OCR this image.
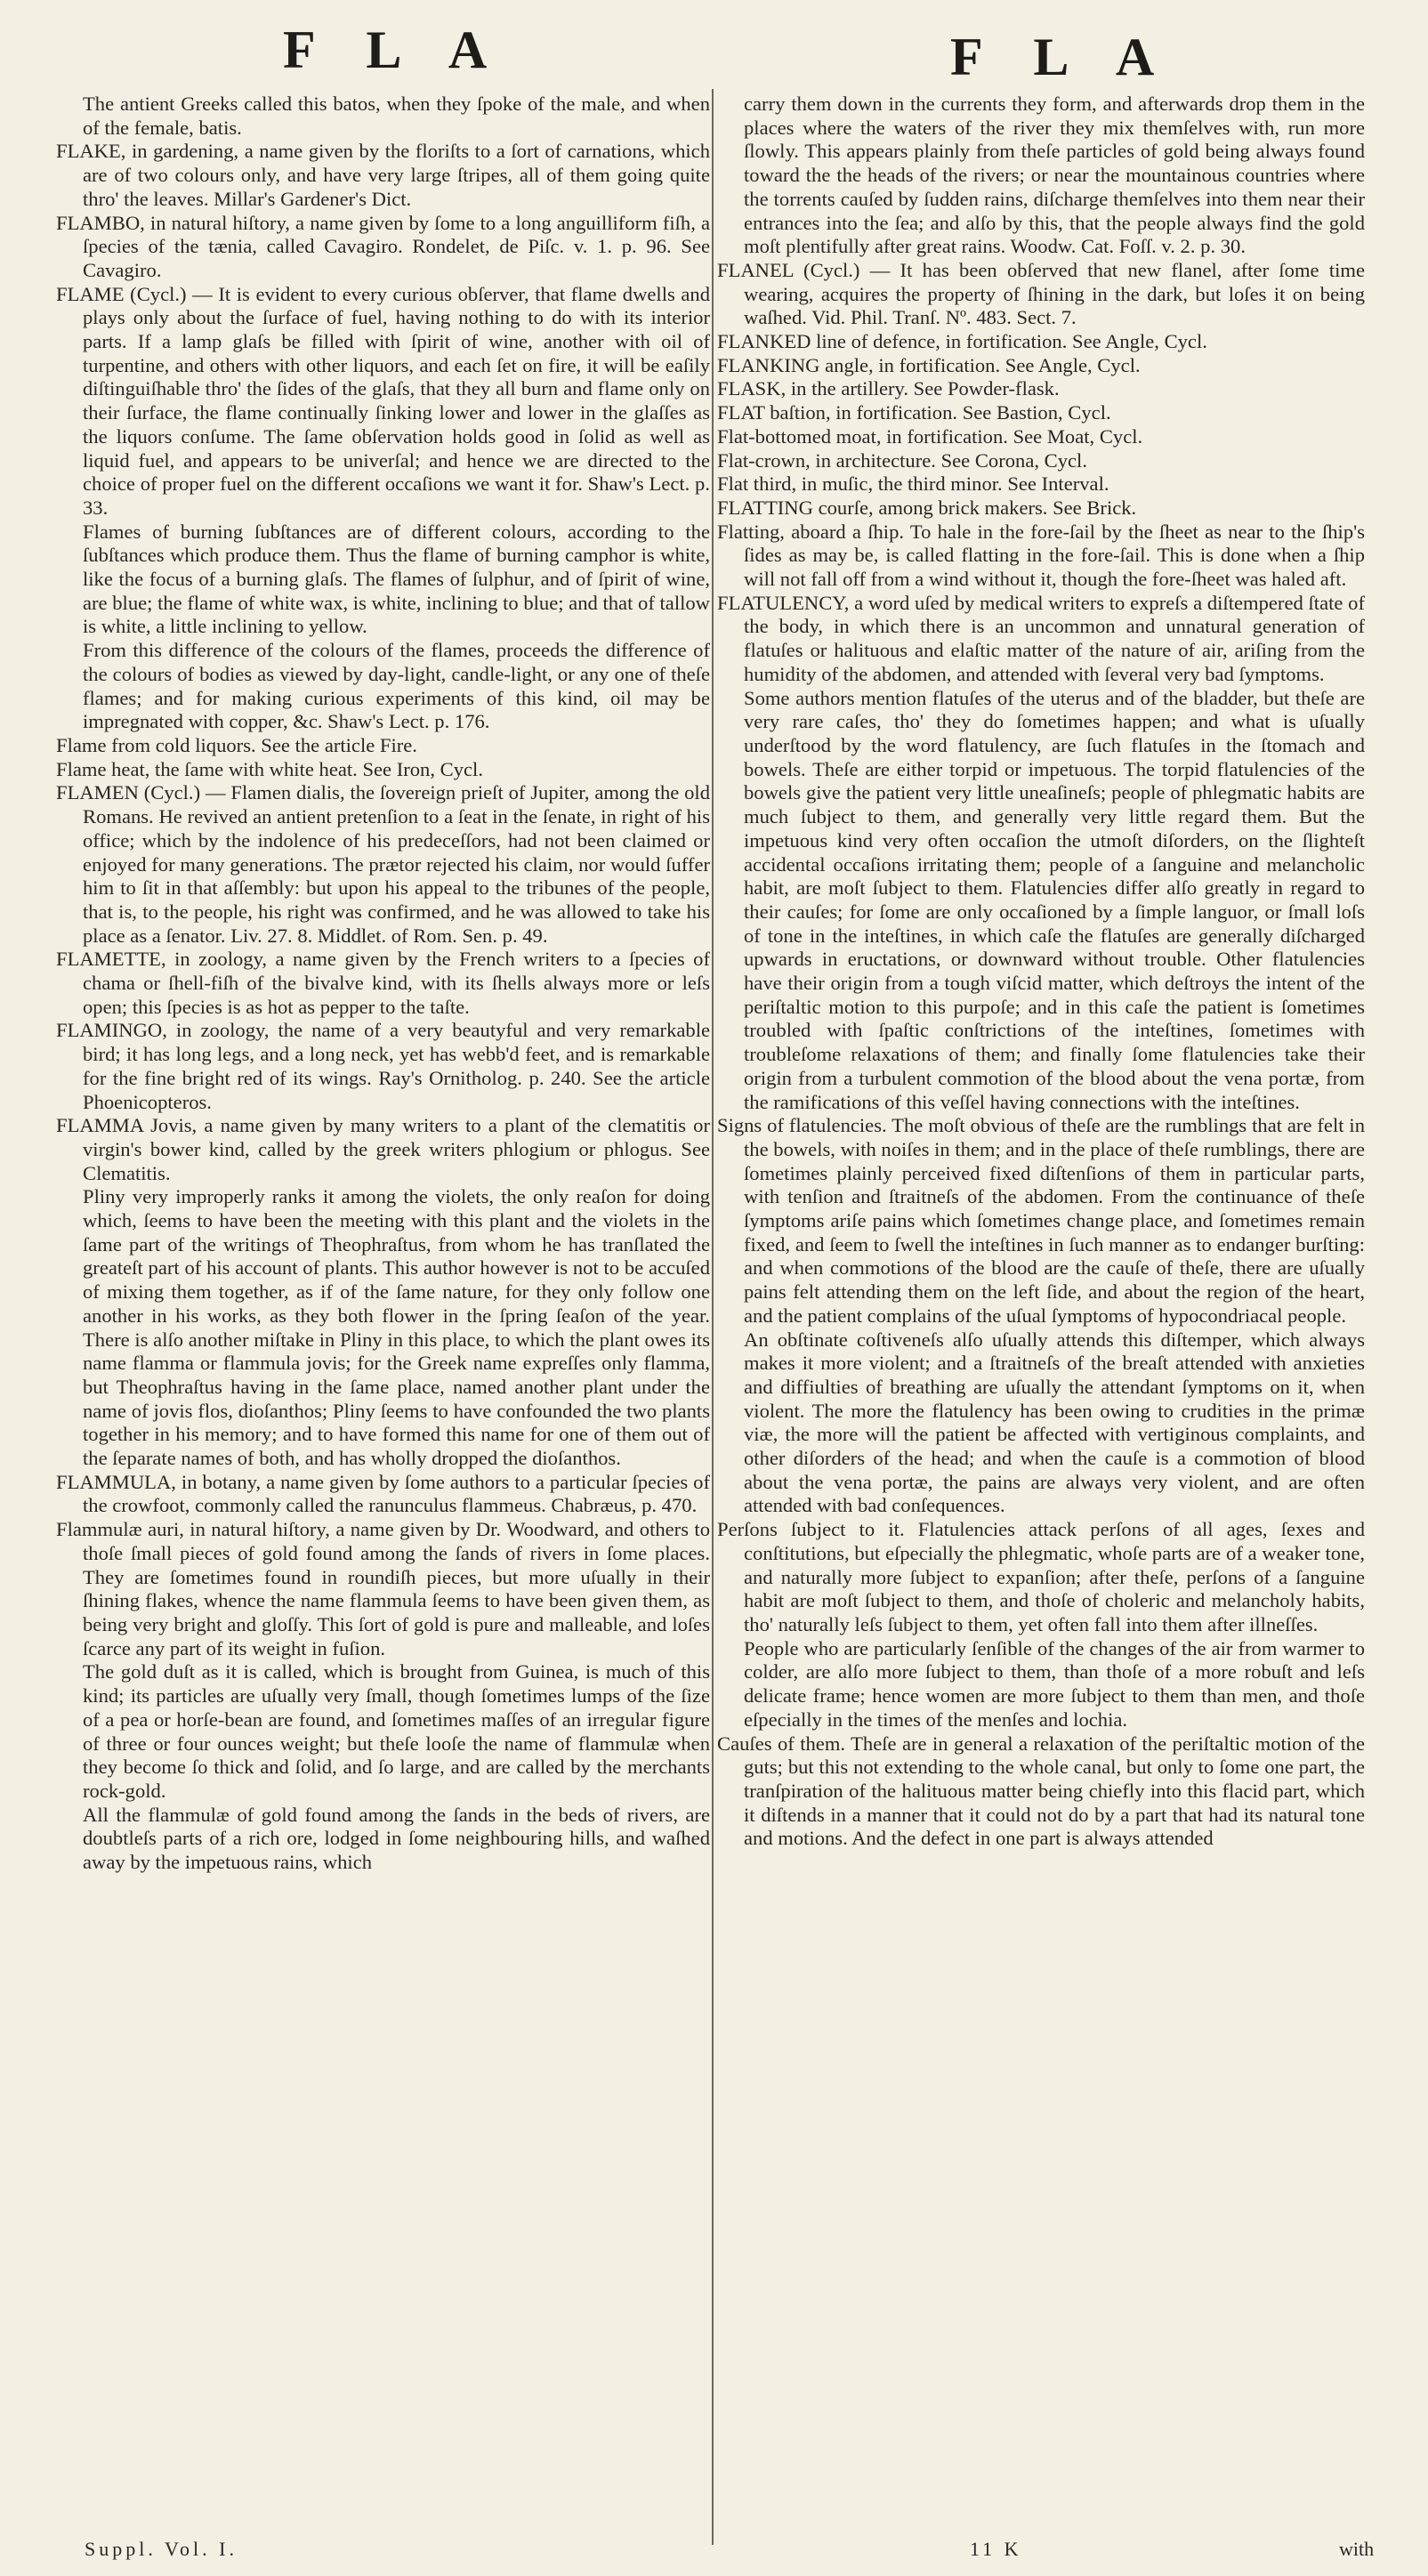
F L A	F L A

The antient Greeks called this batos, when they ſpoke of the male, and when of the female, batis.

FLAKE, in gardening, a name given by the floriſts to a ſort of carnations, which are of two colours only, and have very large ſtripes, all of them going quite thro' the leaves. Millar's Gardener's Dict.

FLAMBO, in natural hiſtory, a name given by ſome to a long anguilliform fiſh, a ſpecies of the tænia, called Cavagiro. Rondelet, de Piſc. v. 1. p. 96. See Cavagiro.

FLAME (Cycl.) — It is evident to every curious obſerver, that flame dwells and plays only about the ſurface of fuel, having nothing to do with its interior parts. If a lamp glaſs be filled with ſpirit of wine, another with oil of turpentine, and others with other liquors, and each ſet on fire, it will be eaſily diſtinguiſhable thro' the ſides of the glaſs, that they all burn and flame only on their ſurface, the flame continually ſinking lower and lower in the glaſſes as the liquors conſume. The ſame obſervation holds good in ſolid as well as liquid fuel, and appears to be univerſal; and hence we are directed to the choice of proper fuel on the different occaſions we want it for. Shaw's Lect. p. 33.

Flames of burning ſubſtances are of different colours, according to the ſubſtances which produce them. Thus the flame of burning camphor is white, like the focus of a burning glaſs. The flames of ſulphur, and of ſpirit of wine, are blue; the flame of white wax, is white, inclining to blue; and that of tallow is white, a little inclining to yellow.

From this difference of the colours of the flames, proceeds the difference of the colours of bodies as viewed by day-light, candle-light, or any one of theſe flames; and for making curious experiments of this kind, oil may be impregnated with copper, &c. Shaw's Lect. p. 176.

Flame from cold liquors. See the article Fire.

Flame heat, the ſame with white heat. See Iron, Cycl.

FLAMEN (Cycl.) — Flamen dialis, the ſovereign prieſt of Jupiter, among the old Romans. He revived an antient pretenſion to a ſeat in the ſenate, in right of his office; which by the indolence of his predeceſſors, had not been claimed or enjoyed for many generations. The prætor rejected his claim, nor would ſuffer him to ſit in that aſſembly: but upon his appeal to the tribunes of the people, that is, to the people, his right was confirmed, and he was allowed to take his place as a ſenator. Liv. 27. 8. Middlet. of Rom. Sen. p. 49.

FLAMETTE, in zoology, a name given by the French writers to a ſpecies of chama or ſhell-fiſh of the bivalve kind, with its ſhells always more or leſs open; this ſpecies is as hot as pepper to the taſte.

FLAMINGO, in zoology, the name of a very beautyful and very remarkable bird; it has long legs, and a long neck, yet has webb'd feet, and is remarkable for the fine bright red of its wings. Ray's Ornitholog. p. 240. See the article Phoenicopteros.

FLAMMA Jovis, a name given by many writers to a plant of the clematitis or virgin's bower kind, called by the greek writers phlogium or phlogus. See Clematitis.

Pliny very improperly ranks it among the violets, the only reaſon for doing which, ſeems to have been the meeting with this plant and the violets in the ſame part of the writings of Theophraſtus, from whom he has tranſlated the greateſt part of his account of plants. This author however is not to be accuſed of mixing them together, as if of the ſame nature, for they only follow one another in his works, as they both flower in the ſpring ſeaſon of the year. There is alſo another miſtake in Pliny in this place, to which the plant owes its name flamma or flammula jovis; for the Greek name expreſſes only flamma, but Theophraſtus having in the ſame place, named another plant under the name of jovis flos, dioſanthos; Pliny ſeems to have confounded the two plants together in his memory; and to have formed this name for one of them out of the ſeparate names of both, and has wholly dropped the dioſanthos.

FLAMMULA, in botany, a name given by ſome authors to a particular ſpecies of the crowfoot, commonly called the ranunculus flammeus. Chabræus, p. 470.

Flammulæ auri, in natural hiſtory, a name given by Dr. Woodward, and others to thoſe ſmall pieces of gold found among the ſands of rivers in ſome places. They are ſometimes found in roundiſh pieces, but more uſually in their ſhining flakes, whence the name flammula ſeems to have been given them, as being very bright and gloſſy. This ſort of gold is pure and malleable, and loſes ſcarce any part of its weight in fuſion.

The gold duſt as it is called, which is brought from Guinea, is much of this kind; its particles are uſually very ſmall, though ſometimes lumps of the ſize of a pea or horſe-bean are found, and ſometimes maſſes of an irregular figure of three or four ounces weight; but theſe looſe the name of flammulæ when they become ſo thick and ſolid, and ſo large, and are called by the merchants rock-gold.

All the flammulæ of gold found among the ſands in the beds of rivers, are doubtleſs parts of a rich ore, lodged in ſome neighbouring hills, and waſhed away by the impetuous rains, which

carry them down in the currents they form, and afterwards drop them in the places where the waters of the river they mix themſelves with, run more ſlowly. This appears plainly from theſe particles of gold being always found toward the the heads of the rivers; or near the mountainous countries where the torrents cauſed by ſudden rains, diſcharge themſelves into them near their entrances into the ſea; and alſo by this, that the people always find the gold moſt plentifully after great rains. Woodw. Cat. Foſſ. v. 2. p. 30.

FLANEL (Cycl.) — It has been obſerved that new flanel, after ſome time wearing, acquires the property of ſhining in the dark, but loſes it on being waſhed. Vid. Phil. Tranſ. Nº. 483. Sect. 7.

FLANKED line of defence, in fortification. See Angle, Cycl.

FLANKING angle, in fortification. See Angle, Cycl.

FLASK, in the artillery. See Powder-flask.

FLAT baſtion, in fortification. See Bastion, Cycl.

Flat-bottomed moat, in fortification. See Moat, Cycl.

Flat-crown, in architecture. See Corona, Cycl.

Flat third, in muſic, the third minor. See Interval.

FLATTING courſe, among brick makers. See Brick.

Flatting, aboard a ſhip. To hale in the fore-ſail by the ſheet as near to the ſhip's ſides as may be, is called flatting in the fore-ſail. This is done when a ſhip will not fall off from a wind without it, though the fore-ſheet was haled aft.

FLATULENCY, a word uſed by medical writers to expreſs a diſtempered ſtate of the body, in which there is an uncommon and unnatural generation of flatuſes or halituous and elaſtic matter of the nature of air, ariſing from the humidity of the abdomen, and attended with ſeveral very bad ſymptoms.

Some authors mention flatuſes of the uterus and of the bladder, but theſe are very rare caſes, tho' they do ſometimes happen; and what is uſually underſtood by the word flatulency, are ſuch flatuſes in the ſtomach and bowels. Theſe are either torpid or impetuous. The torpid flatulencies of the bowels give the patient very little uneaſineſs; people of phlegmatic habits are much ſubject to them, and generally very little regard them. But the impetuous kind very often occaſion the utmoſt diſorders, on the ſlighteſt accidental occaſions irritating them; people of a ſanguine and melancholic habit, are moſt ſubject to them. Flatulencies differ alſo greatly in regard to their cauſes; for ſome are only occaſioned by a ſimple languor, or ſmall loſs of tone in the inteſtines, in which caſe the flatuſes are generally diſcharged upwards in eructations, or downward without trouble. Other flatulencies have their origin from a tough viſcid matter, which deſtroys the intent of the periſtaltic motion to this purpoſe; and in this caſe the patient is ſometimes troubled with ſpaſtic conſtrictions of the inteſtines, ſometimes with troubleſome relaxations of them; and finally ſome flatulencies take their origin from a turbulent commotion of the blood about the vena portæ, from the ramifications of this veſſel having connections with the inteſtines.

Signs of flatulencies. The moſt obvious of theſe are the rumblings that are felt in the bowels, with noiſes in them; and in the place of theſe rumblings, there are ſometimes plainly perceived fixed diſtenſions of them in particular parts, with tenſion and ſtraitneſs of the abdomen. From the continuance of theſe ſymptoms ariſe pains which ſometimes change place, and ſometimes remain fixed, and ſeem to ſwell the inteſtines in ſuch manner as to endanger burſting: and when commotions of the blood are the cauſe of theſe, there are uſually pains felt attending them on the left ſide, and about the region of the heart, and the patient complains of the uſual ſymptoms of hypocondriacal people.

An obſtinate coſtiveneſs alſo uſually attends this diſtemper, which always makes it more violent; and a ſtraitneſs of the breaſt attended with anxieties and diffiulties of breathing are uſually the attendant ſymptoms on it, when violent. The more the flatulency has been owing to crudities in the primæ viæ, the more will the patient be affected with vertiginous complaints, and other diſorders of the head; and when the cauſe is a commotion of blood about the vena portæ, the pains are always very violent, and are often attended with bad conſequences.

Perſons ſubject to it. Flatulencies attack perſons of all ages, ſexes and conſtitutions, but eſpecially the phlegmatic, whoſe parts are of a weaker tone, and naturally more ſubject to expanſion; after theſe, perſons of a ſanguine habit are moſt ſubject to them, and thoſe of choleric and melancholy habits, tho' naturally leſs ſubject to them, yet often fall into them after illneſſes.

People who are particularly ſenſible of the changes of the air from warmer to colder, are alſo more ſubject to them, than thoſe of a more robuſt and leſs delicate frame; hence women are more ſubject to them than men, and thoſe eſpecially in the times of the menſes and lochia.

Cauſes of them. Theſe are in general a relaxation of the periſtaltic motion of the guts; but this not extending to the whole canal, but only to ſome one part, the tranſpiration of the halituous matter being chiefly into this flacid part, which it diſtends in a manner that it could not do by a part that had its natural tone and motions. And the defect in one part is always attended

Suppl. Vol. I.	11 K	with
